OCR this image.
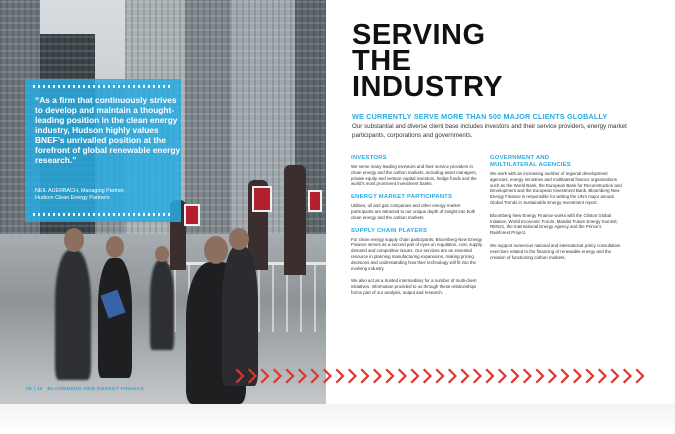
“As a firm that continuously strives to develop and maintain a thought-leading position in the clean energy industry, Hudson highly values BNEF’s unrivalled position at the forefront of global renewable energy research.”
NEIL AUERBACH, Managing Partner,
Hudson Clean Energy Partners
SERVING
THE
INDUSTRY
WE CURRENTLY SERVE MORE THAN 500 MAJOR CLIENTS GLOBALLY
Our substantial and diverse client base includes investors and their service providers, energy market participants, corporations and governments.
INVESTORS
We serve many leading investors and their service providers in clean energy and the carbon markets, including asset managers, private equity and venture capital investors, hedge funds and the world’s most prominent investment banks.
ENERGY MARKET PARTICIPANTS
Utilities, oil and gas companies and other energy market participants are attracted to our unique depth of insight into both clean energy and the carbon markets.
SUPPLY CHAIN PLAYERS
For clean energy supply chain participants, Bloomberg New Energy Finance serves as a second pair of eyes on regulation, cost, supply, demand and competitive issues. Our services are an essential resource in planning manufacturing expansions, making pricing decisions and understanding how their technology will fit into the evolving industry.
We also act as a trusted intermediary for a number of multi-client initiatives. Information provided to us through these relationships forms part of our analysis, output and research.
GOVERNMENT AND
MULTILATERAL AGENCIES
We work with an increasing number of regional development agencies, energy ministries and multilateral finance organisations such as the World Bank, the European Bank for Reconstruction and Development and the European Investment Bank. Bloomberg New Energy Finance is responsible for writing the UN’s major annual Global Trends in Sustainable Energy Investment report.
Bloomberg New Energy Finance works with the Clinton Global Initiative, World Economic Forum, Masdar Future Energy Summit, REN21, the International Energy Agency and the Prince’s Rainforest Project.
We support numerous national and international policy consultation exercises related to the financing of renewable energy and the creation of functioning carbon markets.
09 | 10 BLOOMBERG NEW ENERGY FINANCE
